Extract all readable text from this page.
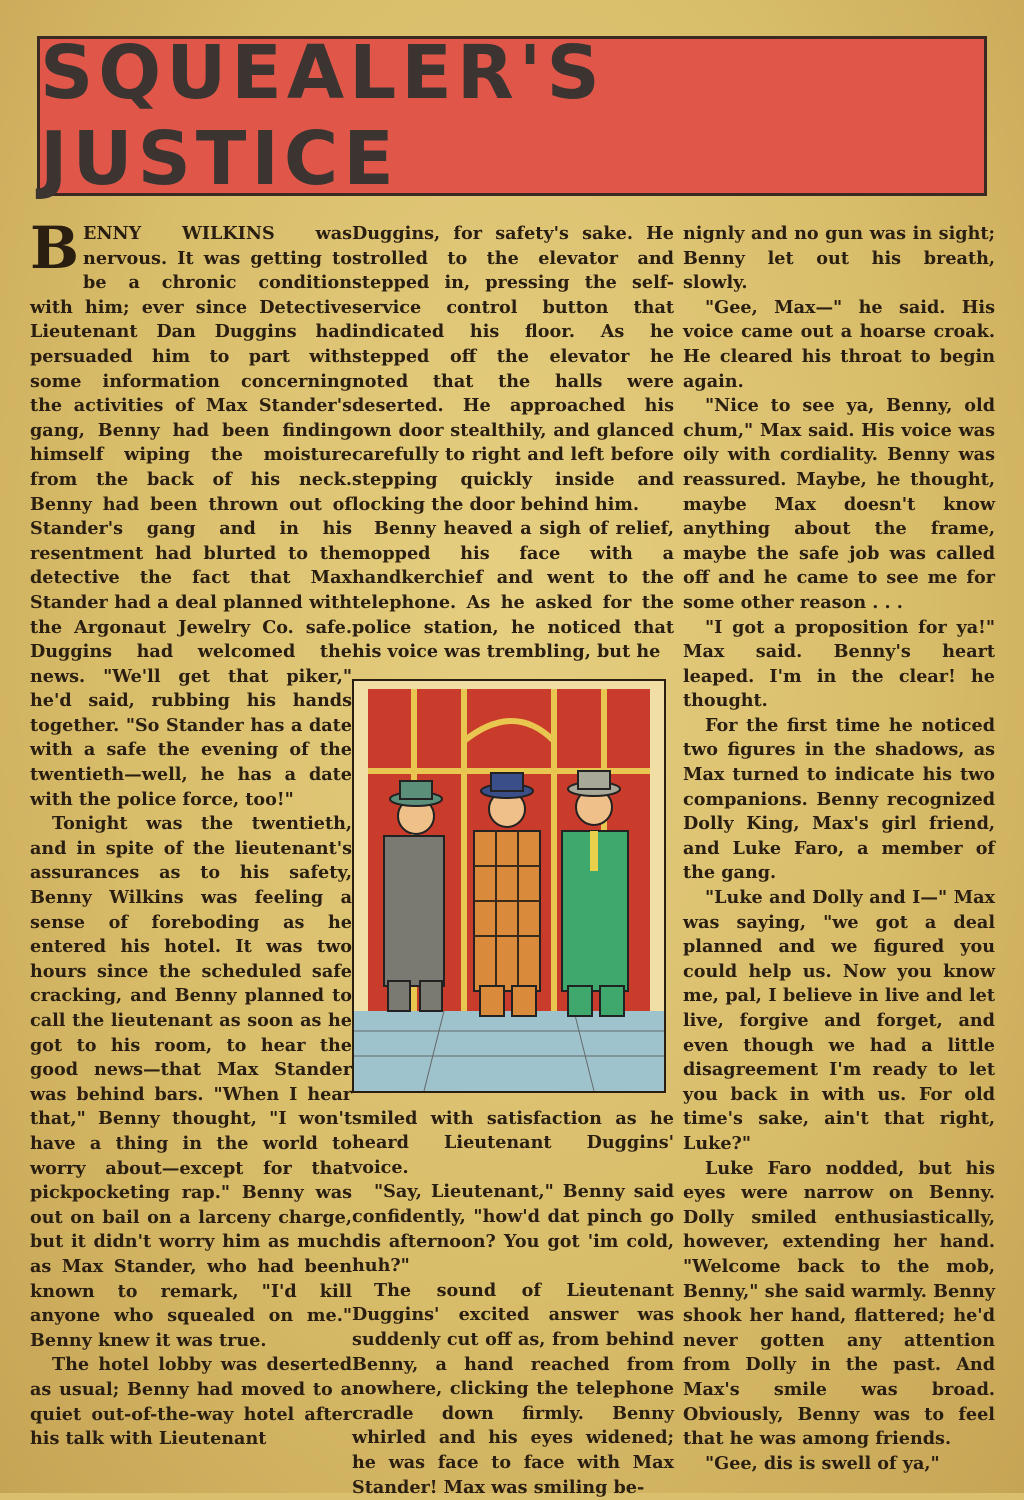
SQUEALER'S JUSTICE

BENNY WILKINS was nervous. It was getting to be a chronic condition with him; ever since Detective Lieutenant Dan Duggins had persuaded him to part with some information concerning the activities of Max Stander's gang, Benny had been finding himself wiping the moisture from the back of his neck. Benny had been thrown out of Stander's gang and in his resentment had blurted to the detective the fact that Max Stander had a deal planned with the Argonaut Jewelry Co. safe. Duggins had welcomed the news. "We'll get that piker," he'd said, rubbing his hands together. "So Stander has a date with a safe the evening of the twentieth—well, he has a date with the police force, too!"

Tonight was the twentieth, and in spite of the lieutenant's assurances as to his safety, Benny Wilkins was feeling a sense of foreboding as he entered his hotel. It was two hours since the scheduled safe cracking, and Benny planned to call the lieutenant as soon as he got to his room, to hear the good news—that Max Stander was behind bars. "When I hear that," Benny thought, "I won't have a thing in the world to worry about—except for that pickpocketing rap." Benny was out on bail on a larceny charge, but it didn't worry him as much as Max Stander, who had been known to remark, "I'd kill anyone who squealed on me." Benny knew it was true.

The hotel lobby was deserted as usual; Benny had moved to a quiet out-of-the-way hotel after his talk with Lieutenant

Duggins, for safety's sake. He strolled to the elevator and stepped in, pressing the self-service control button that indicated his floor. As he stepped off the elevator he noted that the halls were deserted. He approached his own door stealthily, and glanced carefully to right and left before stepping quickly inside and locking the door behind him.

Benny heaved a sigh of relief, mopped his face with a handkerchief and went to the telephone. As he asked for the police station, he noticed that his voice was trembling, but he

smiled with satisfaction as he heard Lieutenant Duggins' voice.

"Say, Lieutenant," Benny said confidently, "how'd dat pinch go dis afternoon? You got 'im cold, huh?"

The sound of Lieutenant Duggins' excited answer was suddenly cut off as, from behind Benny, a hand reached from nowhere, clicking the telephone cradle down firmly. Benny whirled and his eyes widened; he was face to face with Max Stander! Max was smiling be-

nignly and no gun was in sight; Benny let out his breath, slowly.

"Gee, Max—" he said. His voice came out a hoarse croak. He cleared his throat to begin again.

"Nice to see ya, Benny, old chum," Max said. His voice was oily with cordiality. Benny was reassured. Maybe, he thought, maybe Max doesn't know anything about the frame, maybe the safe job was called off and he came to see me for some other reason . . .

"I got a proposition for ya!" Max said. Benny's heart leaped. I'm in the clear! he thought.

For the first time he noticed two figures in the shadows, as Max turned to indicate his two companions. Benny recognized Dolly King, Max's girl friend, and Luke Faro, a member of the gang.

"Luke and Dolly and I—" Max was saying, "we got a deal planned and we figured you could help us. Now you know me, pal, I believe in live and let live, forgive and forget, and even though we had a little disagreement I'm ready to let you back in with us. For old time's sake, ain't that right, Luke?"

Luke Faro nodded, but his eyes were narrow on Benny. Dolly smiled enthusiastically, however, extending her hand. "Welcome back to the mob, Benny," she said warmly. Benny shook her hand, flattered; he'd never gotten any attention from Dolly in the past. And Max's smile was broad. Obviously, Benny was to feel that he was among friends.

"Gee, dis is swell of ya,"
